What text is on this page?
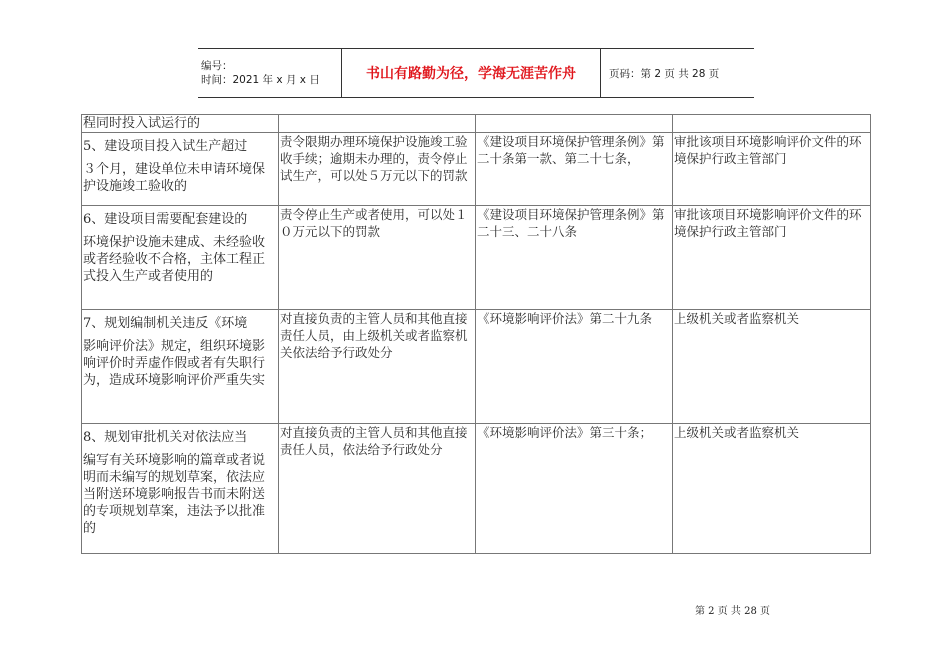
编号：
时间：2021 年 x 月 x 日	书山有路勤为径，学海无涯苦作舟	页码：第 2 页 共 28 页
程同时投入试运行的			

5、建设项目投入试生产超过
３个月，建设单位未申请环境保护设施竣工验收的	责令限期办理环境保护设施竣工验收手续；逾期未办理的，责令停止试生产，可以处５万元以下的罚款	《建设项目环境保护管理条例》第二十条第一款、第二十七条，	审批该项目环境影响评价文件的环境保护行政主管部门

6、建设项目需要配套建设的
环境保护设施未建成、未经验收或者经验收不合格，主体工程正式投入生产或者使用的	责令停止生产或者使用，可以处１０万元以下的罚款	《建设项目环境保护管理条例》第二十三、二十八条	审批该项目环境影响评价文件的环境保护行政主管部门

7、规划编制机关违反《环境
影响评价法》规定，组织环境影响评价时弄虚作假或者有失职行为，造成环境影响评价严重失实	对直接负责的主管人员和其他直接责任人员，由上级机关或者监察机关依法给予行政处分	《环境影响评价法》第二十九条	上级机关或者监察机关

8、规划审批机关对依法应当
编写有关环境影响的篇章或者说明而未编写的规划草案，依法应当附送环境影响报告书而未附送的专项规划草案，违法予以批准的	对直接负责的主管人员和其他直接责任人员，依法给予行政处分	《环境影响评价法》第三十条；	上级机关或者监察机关
第 2 页 共 28 页
